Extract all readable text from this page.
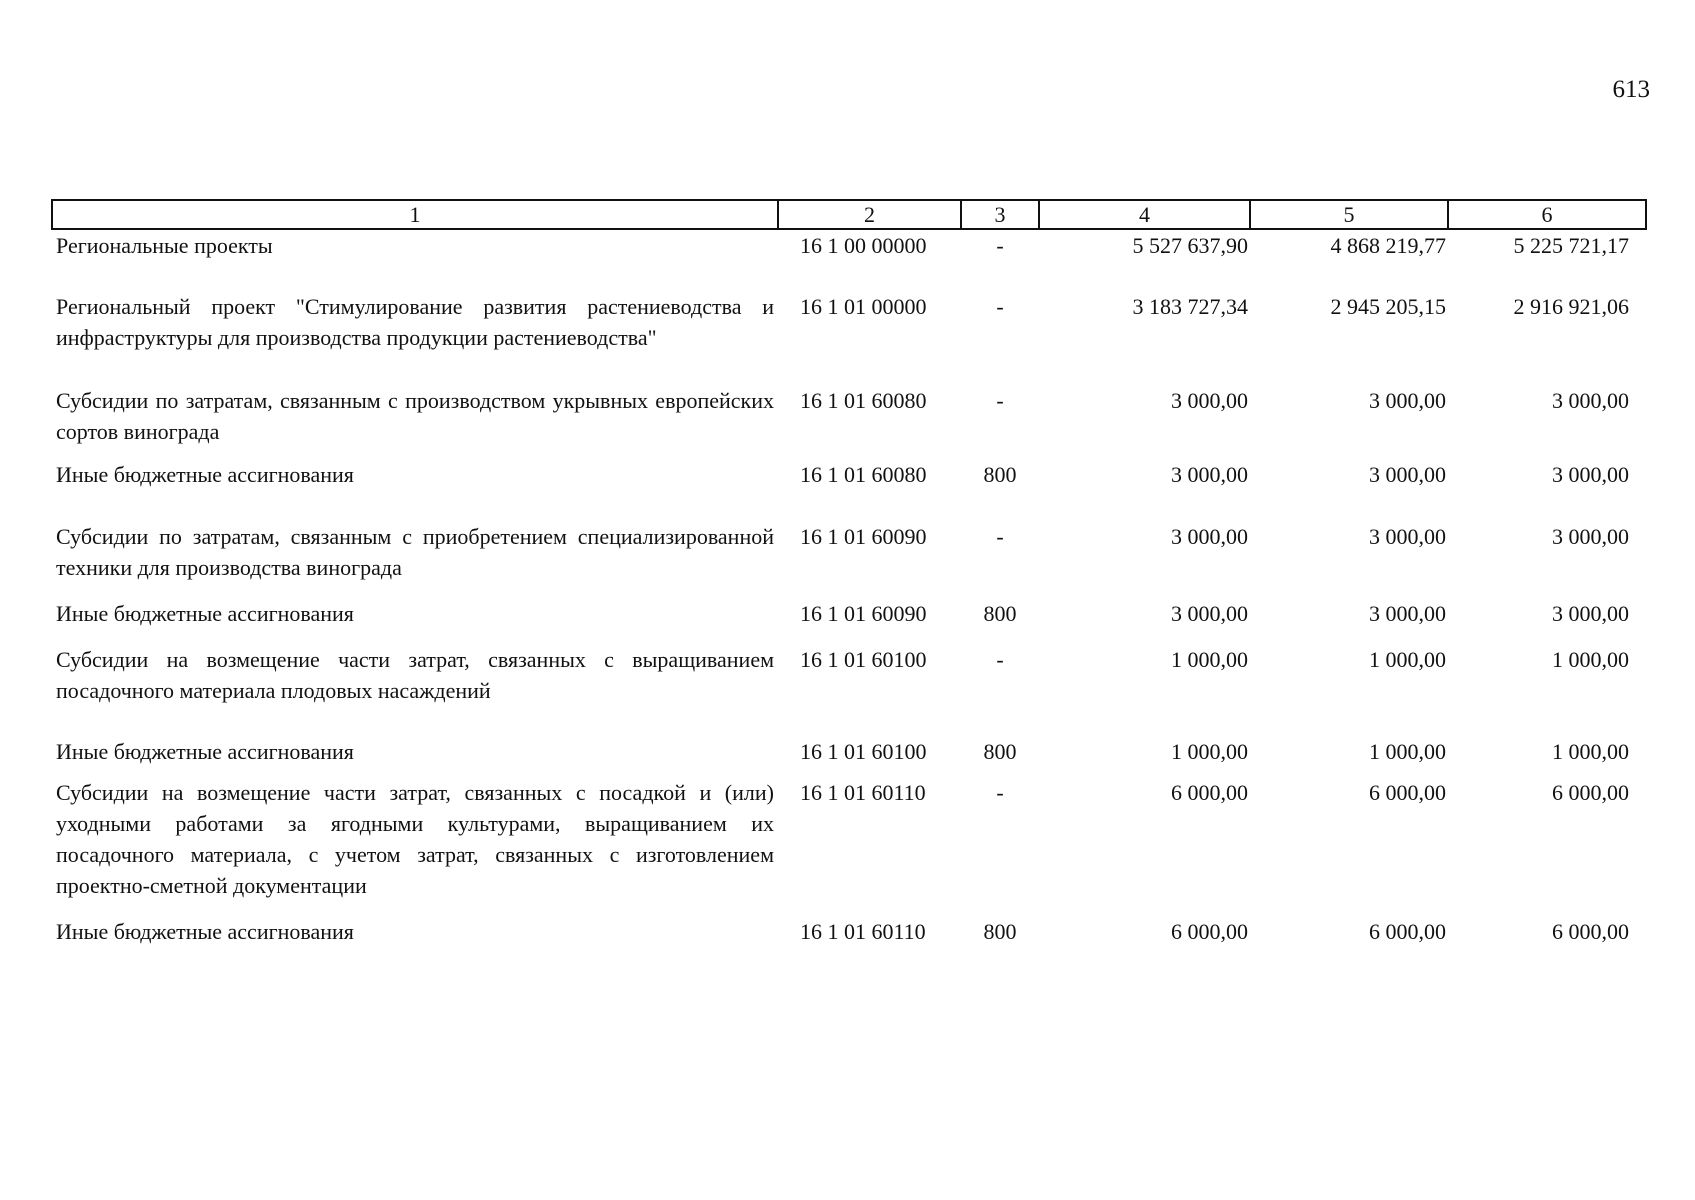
613
1	2	3	4	5	6
Региональные проекты	16 1 00 00000	-	5 527 637,90	4 868 219,77	5 225 721,17
Региональный проект "Стимулирование развития растениеводства и инфраструктуры для производства продукции растениеводства"	16 1 01 00000	-	3 183 727,34	2 945 205,15	2 916 921,06
Субсидии по затратам, связанным с производством укрывных европейских сортов винограда	16 1 01 60080	-	3 000,00	3 000,00	3 000,00
Иные бюджетные ассигнования	16 1 01 60080	800	3 000,00	3 000,00	3 000,00
Субсидии по затратам, связанным с приобретением специализированной техники для производства винограда	16 1 01 60090	-	3 000,00	3 000,00	3 000,00
Иные бюджетные ассигнования	16 1 01 60090	800	3 000,00	3 000,00	3 000,00
Субсидии на возмещение части затрат, связанных с выращиванием посадочного материала плодовых насаждений	16 1 01 60100	-	1 000,00	1 000,00	1 000,00
Иные бюджетные ассигнования	16 1 01 60100	800	1 000,00	1 000,00	1 000,00
Субсидии на возмещение части затрат, связанных с посадкой и (или) уходными работами за ягодными культурами, выращиванием их посадочного материала, с учетом затрат, связанных с изготовлением проектно-сметной документации	16 1 01 60110	-	6 000,00	6 000,00	6 000,00
Иные бюджетные ассигнования	16 1 01 60110	800	6 000,00	6 000,00	6 000,00
